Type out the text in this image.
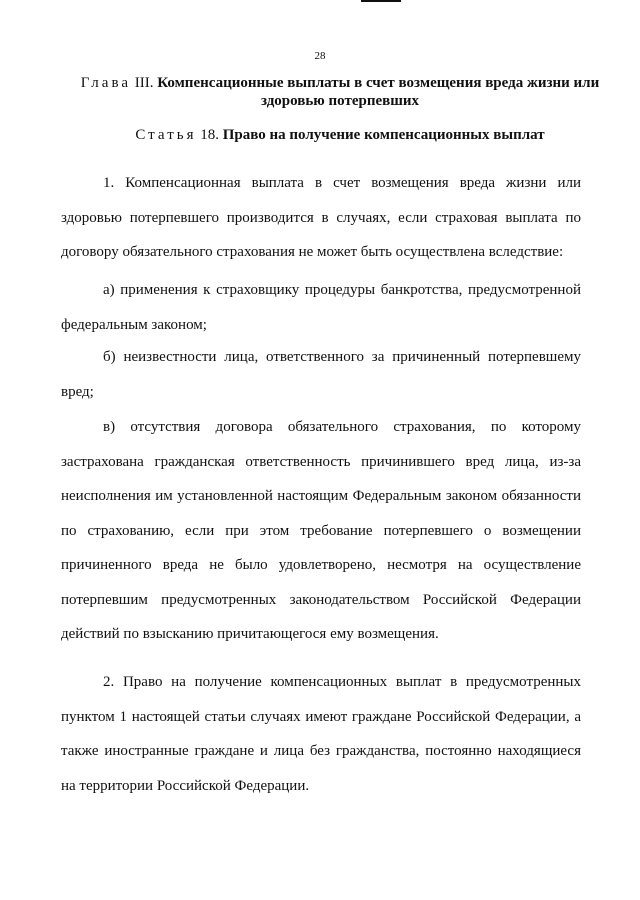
28
Глава III. Компенсационные выплаты в счет возмещения вреда жизни или здоровью потерпевших
Статья 18. Право на получение компенсационных выплат

1. Компенсационная выплата в счет возмещения вреда жизни или здоровью потерпевшего производится в случаях, если страховая выплата по договору обязательного страхования не может быть осуществлена вследствие:

а) применения к страховщику процедуры банкротства, предусмотренной федеральным законом;

б) неизвестности лица, ответственного за причиненный потерпевшему вред;

в) отсутствия договора обязательного страхования, по которому застрахована гражданская ответственность причинившего вред лица, из-за неисполнения им установленной настоящим Федеральным законом обязанности по страхованию, если при этом требование потерпевшего о возмещении причиненного вреда не было удовлетворено, несмотря на осуществление потерпевшим предусмотренных законодательством Российской Федерации действий по взысканию причитающегося ему возмещения.

2. Право на получение компенсационных выплат в предусмотренных пунктом 1 настоящей статьи случаях имеют граждане Российской Федерации, а также иностранные граждане и лица без гражданства, постоянно находящиеся на территории Российской Федерации.
